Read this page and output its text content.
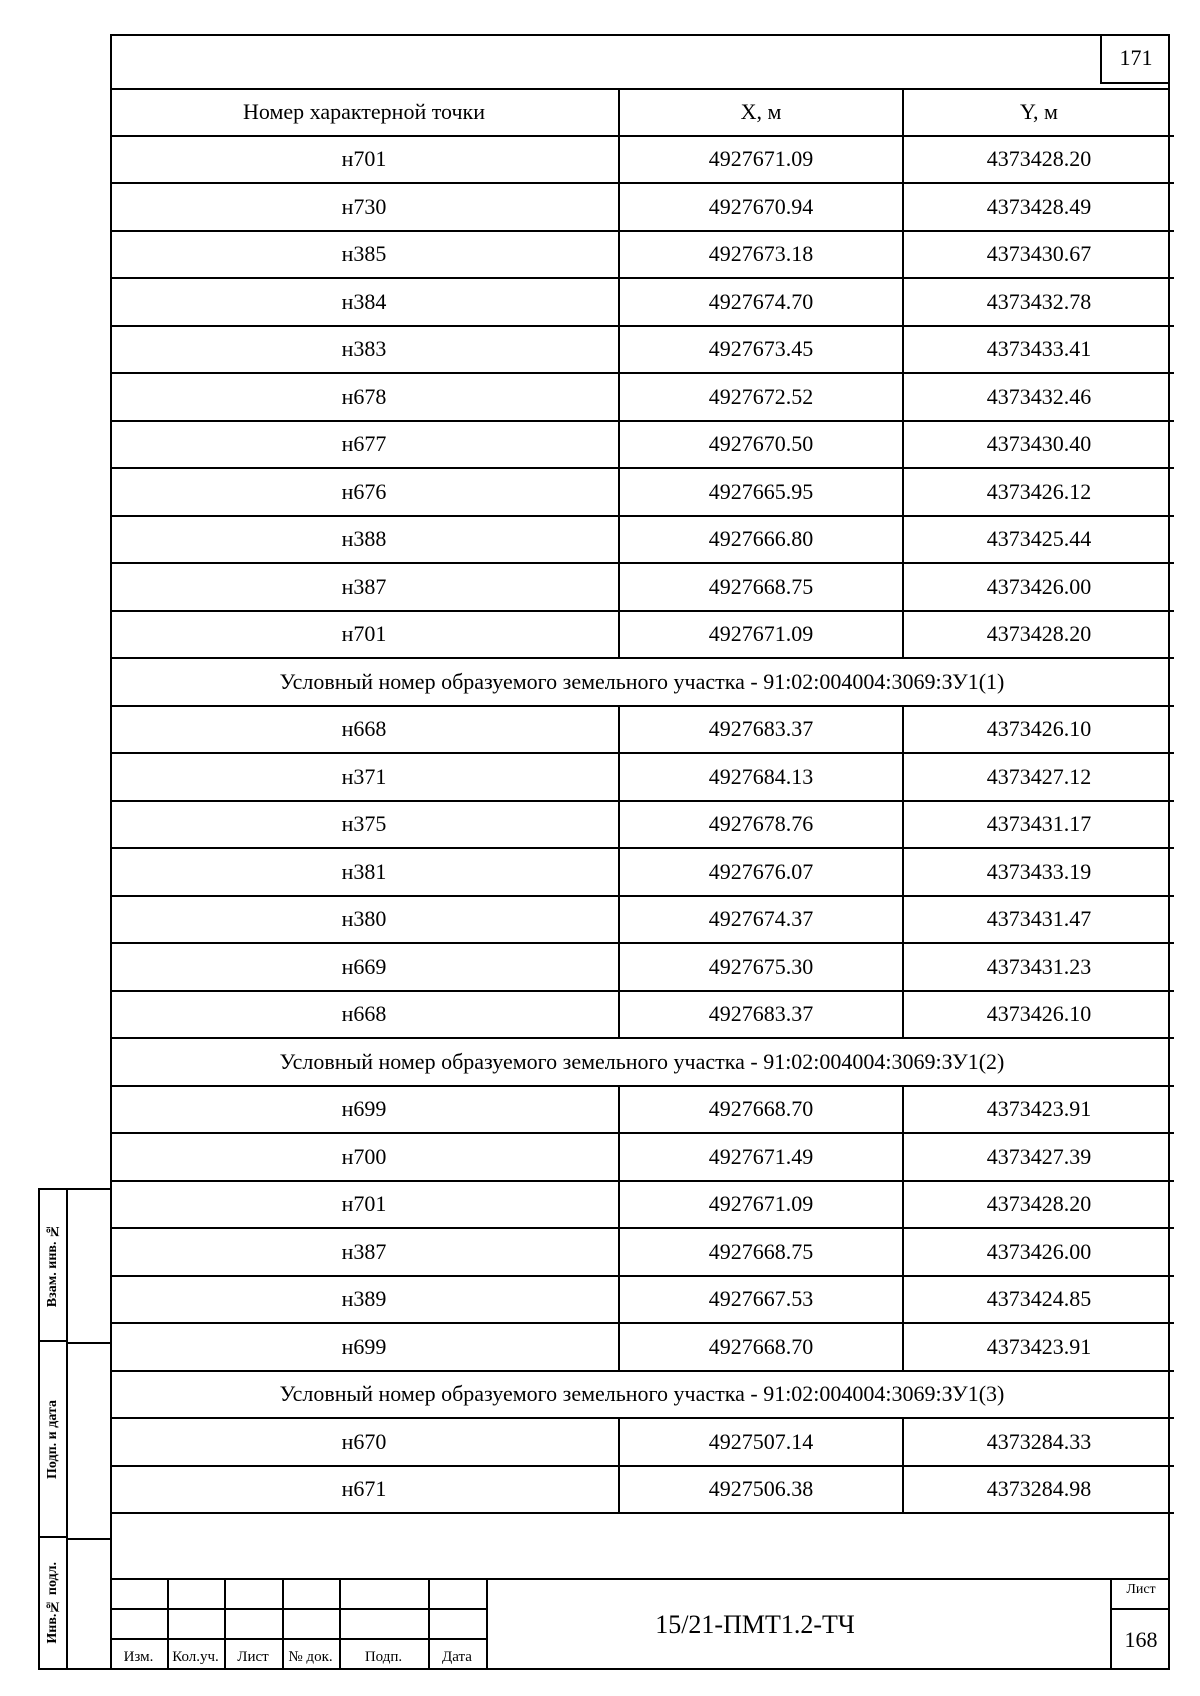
171
Номер характерной точки	X, м	Y, м
н701	4927671.09	4373428.20
н730	4927670.94	4373428.49
н385	4927673.18	4373430.67
н384	4927674.70	4373432.78
н383	4927673.45	4373433.41
н678	4927672.52	4373432.46
н677	4927670.50	4373430.40
н676	4927665.95	4373426.12
н388	4927666.80	4373425.44
н387	4927668.75	4373426.00
н701	4927671.09	4373428.20
Условный номер образуемого земельного участка - 91:02:004004:3069:ЗУ1(1)		
н668	4927683.37	4373426.10
н371	4927684.13	4373427.12
н375	4927678.76	4373431.17
н381	4927676.07	4373433.19
н380	4927674.37	4373431.47
н669	4927675.30	4373431.23
н668	4927683.37	4373426.10
Условный номер образуемого земельного участка - 91:02:004004:3069:ЗУ1(2)		
н699	4927668.70	4373423.91
н700	4927671.49	4373427.39
н701	4927671.09	4373428.20
н387	4927668.75	4373426.00
н389	4927667.53	4373424.85
н699	4927668.70	4373423.91
Условный номер образуемого земельного участка - 91:02:004004:3069:ЗУ1(3)		
н670	4927507.14	4373284.33
н671	4927506.38	4373284.98
Взам. инв. №
Подп. и дата
Инв.№ подл.
Изм.	Кол.уч.	Лист	№ док.	Подп.	Дата
15/21-ПМТ1.2-ТЧ
Лист
168
